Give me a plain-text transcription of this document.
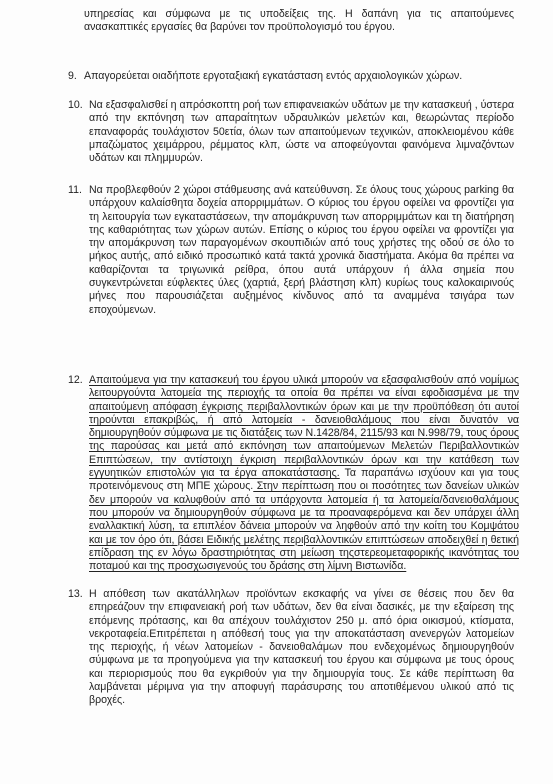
υπηρεσίας και σύμφωνα με τις υποδείξεις της. Η δαπάνη για τις απαιτούμενες ανασκαπτικές εργασίες θα βαρύνει τον προϋπολογισμό του έργου.

9. Απαγορεύεται οιαδήποτε εργοταξιακή εγκατάσταση εντός αρχαιολογικών χώρων.

10. Να εξασφαλισθεί η απρόσκοπτη ροή των επιφανειακών υδάτων με την κατασκευή , ύστερα από την εκπόνηση των απαραίτητων υδραυλικών μελετών και, θεωρώντας περίοδο επαναφοράς τουλάχιστον 50ετία, όλων των απαιτούμενων τεχνικών, αποκλειομένου κάθε μπαζώματος χειμάρρου, ρέμματος κλπ, ώστε να αποφεύγονται φαινόμενα λιμναζόντων υδάτων και πλημμυρών.

11. Να προβλεφθούν 2 χώροι στάθμευσης ανά κατεύθυνση. Σε όλους τους χώρους parking θα υπάρχουν καλαίσθητα δοχεία απορριμμάτων. Ο κύριος του έργου οφείλει να φροντίζει για τη λειτουργία των εγκαταστάσεων, την απομάκρυνση των απορριμμάτων και τη διατήρηση της καθαριότητας των χώρων αυτών. Επίσης ο κύριος του έργου οφείλει να φροντίζει για την απομάκρυνση των παραγομένων σκουπιδιών από τους χρήστες της οδού σε όλο το μήκος αυτής, από ειδικό προσωπικό κατά τακτά χρονικά διαστήματα. Ακόμα θα πρέπει να καθαρίζονται τα τριγωνικά ρείθρα, όπου αυτά υπάρχουν ή άλλα σημεία που συγκεντρώνεται εύφλεκτες ύλες (χαρτιά, ξερή βλάστηση κλπ) κυρίως τους καλοκαιρινούς μήνες που παρουσιάζεται αυξημένος κίνδυνος από τα αναμμένα τσιγάρα των εποχούμενων.

12. Απαιτούμενα για την κατασκευή του έργου υλικά μπορούν να εξασφαλισθούν από νομίμως λειτουργούντα λατομεία της περιοχής τα οποία θα πρέπει να είναι εφοδιασμένα με την απαιτούμενη απόφαση έγκρισης περιβαλλοντικών όρων και με την προϋπόθεση ότι αυτοί τηρούνται επακριβώς, ή από λατομεία - δανειοθαλάμους που είναι δυνατόν να δημιουργηθούν σύμφωνα με τις διατάξεις των Ν.1428/84, 2115/93 και Ν.998/79, τους όρους της παρούσας και μετά από εκπόνηση των απαιτούμενων Μελετών Περιβαλλοντικών Επιπτώσεων, την αντίστοιχη έγκριση περιβαλλοντικών όρων και την κατάθεση των εγγυητικών επιστολών για τα έργα αποκατάστασης. Τα παραπάνω ισχύουν και για τους προτεινόμενους στη ΜΠΕ χώρους. Στην περίπτωση που οι ποσότητες των δανείων υλικών δεν μπορούν να καλυφθούν από τα υπάρχοντα λατομεία ή τα λατομεία/δανειοθαλάμους που μπορούν να δημιουργηθούν σύμφωνα με τα προαναφερόμενα και δεν υπάρχει άλλη εναλλακτική λύση, τα επιπλέον δάνεια μπορούν να ληφθούν από την κοίτη του Κομψάτου και με τον όρο ότι, βάσει Ειδικής μελέτης περιβαλλοντικών επιπτώσεων αποδειχθεί η θετική επίδραση της εν λόγω δραστηριότητας στη μείωση τηςστερεομεταφορικής ικανότητας του ποταμού και της προσχωσιγενούς του δράσης στη λίμνη Βιστωνίδα.

13. Η απόθεση των ακατάλληλων προϊόντων εκσκαφής να γίνει σε θέσεις που δεν θα επηρεάζουν την επιφανειακή ροή των υδάτων, δεν θα είναι δασικές, με την εξαίρεση της επόμενης πρότασης, και θα απέχουν τουλάχιστον 250 μ. από όρια οικισμού, κτίσματα, νεκροταφεία.Επιτρέπεται η απόθεσή τους για την αποκατάσταση ανενεργών λατομείων της περιοχής, ή νέων λατομείων - δανειοθαλάμων που ενδεχομένως δημιουργηθούν σύμφωνα με τα προηγούμενα για την κατασκευή του έργου και σύμφωνα με τους όρους και περιορισμούς που θα εγκριθούν για την δημιουργία τους. Σε κάθε περίπτωση θα λαμβάνεται μέριμνα για την αποφυγή παράσυρσης του αποτιθέμενου υλικού από τις βροχές.
